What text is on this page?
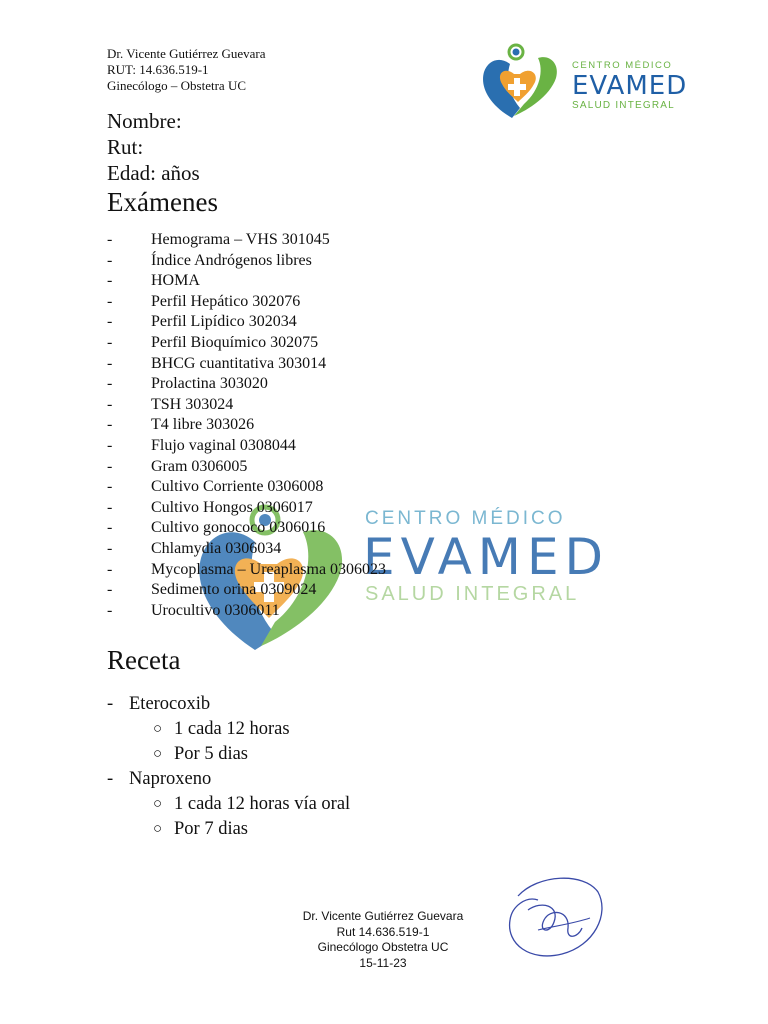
Dr. Vicente Gutiérrez Guevara
RUT: 14.636.519-1
Ginecólogo – Obstetra UC
CENTRO MÉDICO
EVAMED
SALUD INTEGRAL
Nombre:
Rut:
Edad: años
Exámenes
CENTRO MÉDICO
EVAMED
SALUD INTEGRAL
- Hemograma – VHS 301045
- Índice Andrógenos libres
- HOMA
- Perfil Hepático 302076
- Perfil Lipídico 302034
- Perfil Bioquímico 302075
- BHCG cuantitativa 303014
- Prolactina 303020
- TSH 303024
- T4 libre 303026
- Flujo vaginal 0308044
- Gram 0306005
- Cultivo Corriente 0306008
- Cultivo Hongos 0306017
- Cultivo gonococo 0306016
- Chlamydia 0306034
- Mycoplasma – Ureaplasma 0306023
- Sedimento orina 0309024
- Urocultivo 0306011
Receta
- Eterocoxib
○ 1 cada 12 horas
○ Por 5 dias
- Naproxeno
○ 1 cada 12 horas vía oral
○ Por 7 dias
Dr. Vicente Gutiérrez Guevara
Rut 14.636.519-1
Ginecólogo Obstetra UC
15-11-23
